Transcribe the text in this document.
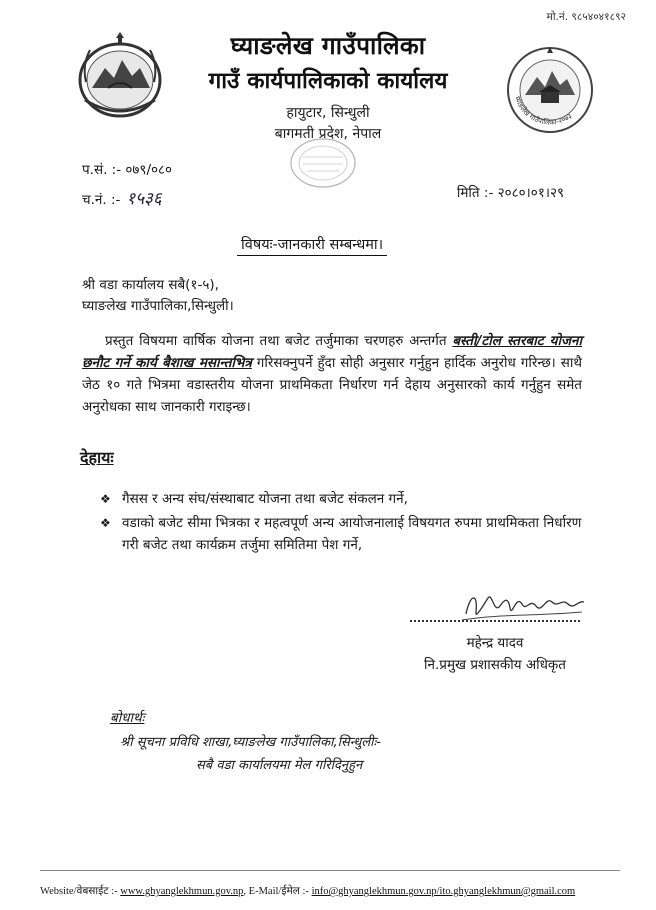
मो.नं. ९८५४०४१८९२
घ्याङलेख गाउँपालिका
गाउँ कार्यपालिकाको कार्यालय
हायुटार, सिन्धुली
बागमती प्रदेश, नेपाल
घ्याङलेख गाउँपालिका-२०७३
प.सं. :- ०७९/०८०
च.नं. :- १५३६	मिति :- २०८०।०१।२९
विषयः-जानकारी सम्बन्धमा।
श्री वडा कार्यालय सबै(१-५),
घ्याङलेख गाउँपालिका,सिन्धुली।
प्रस्तुत विषयमा वार्षिक योजना तथा बजेट तर्जुमाका चरणहरु अन्तर्गत बस्ती/टोल स्तरबाट योजना छनौट गर्ने कार्य बैशाख मसान्तभित्र गरिसक्नुपर्ने हुँदा सोही अनुसार गर्नुहुन हार्दिक अनुरोध गरिन्छ। साथै जेठ १० गते भित्रमा वडास्तरीय योजना प्राथमिकता निर्धारण गर्न देहाय अनुसारको कार्य गर्नुहुन समेत अनुरोधका साथ जानकारी गराइन्छ।
देहायः
❖ गैसस र अन्य संघ/संस्थाबाट योजना तथा बजेट संकलन गर्ने,
❖ वडाको बजेट सीमा भित्रका र महत्वपूर्ण अन्य आयोजनालाई विषयगत रुपमा प्राथमिकता निर्धारण गरी बजेट तथा कार्यक्रम तर्जुमा समितिमा पेश गर्ने,
महेन्द्र यादव
नि.प्रमुख प्रशासकीय अधिकृत
बोधार्थः
श्री सूचना प्रविधि शाखा,घ्याङलेख गाउँपालिका,सिन्धुलीः-
सबै वडा कार्यालयमा मेल गरिदिनुहुन
Website/वेबसाईट :- www.ghyanglekhmun.gov.np, E-Mail/ईमेल :- info@ghyanglekhmun.gov.np/ito.ghyanglekhmun@gmail.com
